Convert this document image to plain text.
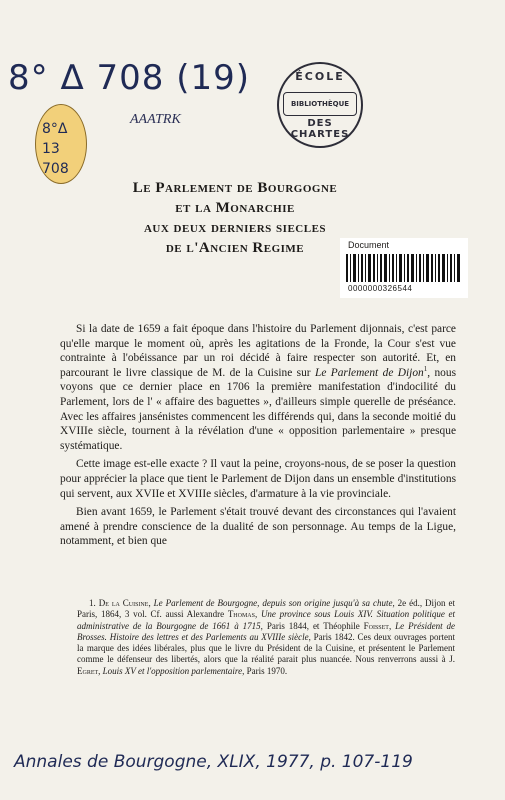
8° Δ 708 (19)
AAATRK
8°Δ 13
708
ÉCOLE
BIBLIOTHÈQUE
DES CHARTES
Le Parlement de Bourgogne
et la Monarchie
aux deux derniers siecles
de l'Ancien Regime	Document
0000000326544

Si la date de 1659 a fait époque dans l'histoire du Parlement dijonnais, c'est parce qu'elle marque le moment où, après les agitations de la Fronde, la Cour s'est vue contrainte à l'obéissance par un roi décidé à faire respecter son autorité. Et, en parcourant le livre classique de M. de la Cuisine sur Le Parlement de Dijon$^1$, nous voyons que ce dernier place en 1706 la première manifestation d'indocilité du Parlement, lors de l' « affaire des baguettes », d'ailleurs simple querelle de préséance. Avec les affaires jansénistes commencent les différends qui, dans la seconde moitié du XVIIIe siècle, tournent à la révélation d'une « opposition parlementaire » presque systématique.

Cette image est-elle exacte ? Il vaut la peine, croyons-nous, de se poser la question pour apprécier la place que tient le Parlement de Dijon dans un ensemble d'institutions qui servent, aux XVIIe et XVIIIe siècles, d'armature à la vie provinciale.

Bien avant 1659, le Parlement s'était trouvé devant des circonstances qui l'avaient amené à prendre conscience de la dualité de son personnage. Au temps de la Ligue, notamment, et bien que

1. De la Cuisine, Le Parlement de Bourgogne, depuis son origine jusqu'à sa chute, 2e éd., Dijon et Paris, 1864, 3 vol. Cf. aussi Alexandre Thomas, Une province sous Louis XIV. Situation politique et administrative de la Bourgogne de 1661 à 1715, Paris 1844, et Théophile Foisset, Le Président de Brosses. Histoire des lettres et des Parlements au XVIIIe siècle, Paris 1842. Ces deux ouvrages portent la marque des idées libérales, plus que le livre du Président de la Cuisine, et présentent le Parlement comme le défenseur des libertés, alors que la réalité parait plus nuancée. Nous renverrons aussi à J. Egret, Louis XV et l'opposition parlementaire, Paris 1970.

Annales de Bourgogne, XLIX, 1977, p. 107-119
